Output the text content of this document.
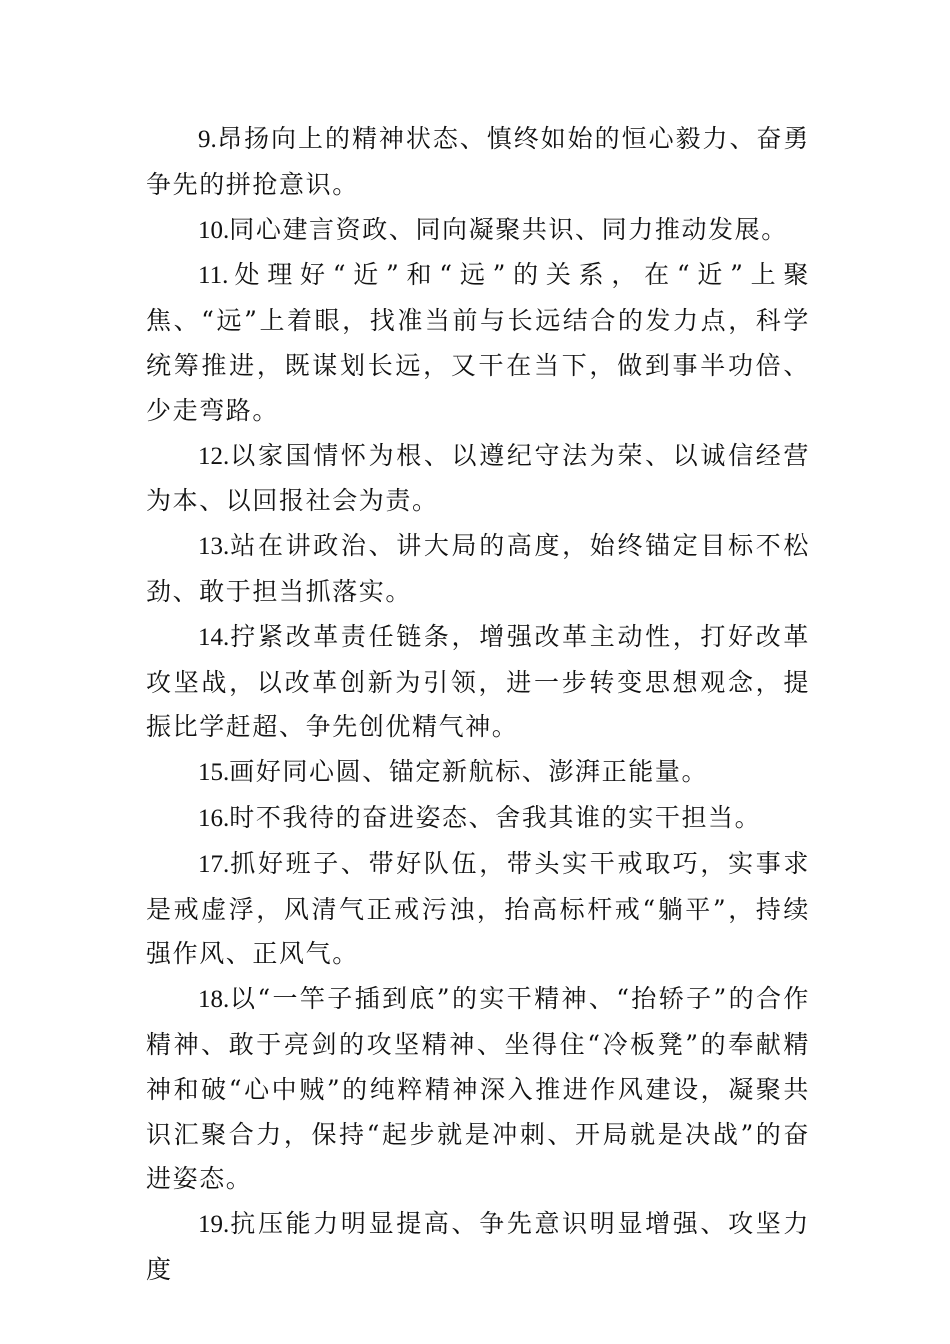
9.昂扬向上的精神状态、慎终如始的恒心毅力、奋勇争先的拼抢意识。

10.同心建言资政、同向凝聚共识、同力推动发展。

11.处理好“近”和“远”的关系，在“近”上聚焦、“远”上着眼，找准当前与长远结合的发力点，科学统筹推进，既谋划长远，又干在当下，做到事半功倍、少走弯路。

12.以家国情怀为根、以遵纪守法为荣、以诚信经营为本、以回报社会为责。

13.站在讲政治、讲大局的高度，始终锚定目标不松劲、敢于担当抓落实。

14.拧紧改革责任链条，增强改革主动性，打好改革攻坚战，以改革创新为引领，进一步转变思想观念，提振比学赶超、争先创优精气神。

15.画好同心圆、锚定新航标、澎湃正能量。

16.时不我待的奋进姿态、舍我其谁的实干担当。

17.抓好班子、带好队伍，带头实干戒取巧，实事求是戒虚浮，风清气正戒污浊，抬高标杆戒“躺平”，持续强作风、正风气。

18.以“一竿子插到底”的实干精神、“抬轿子”的合作精神、敢于亮剑的攻坚精神、坐得住“冷板凳”的奉献精神和破“心中贼”的纯粹精神深入推进作风建设，凝聚共识汇聚合力，保持“起步就是冲刺、开局就是决战”的奋进姿态。

19.抗压能力明显提高、争先意识明显增强、攻坚力度
